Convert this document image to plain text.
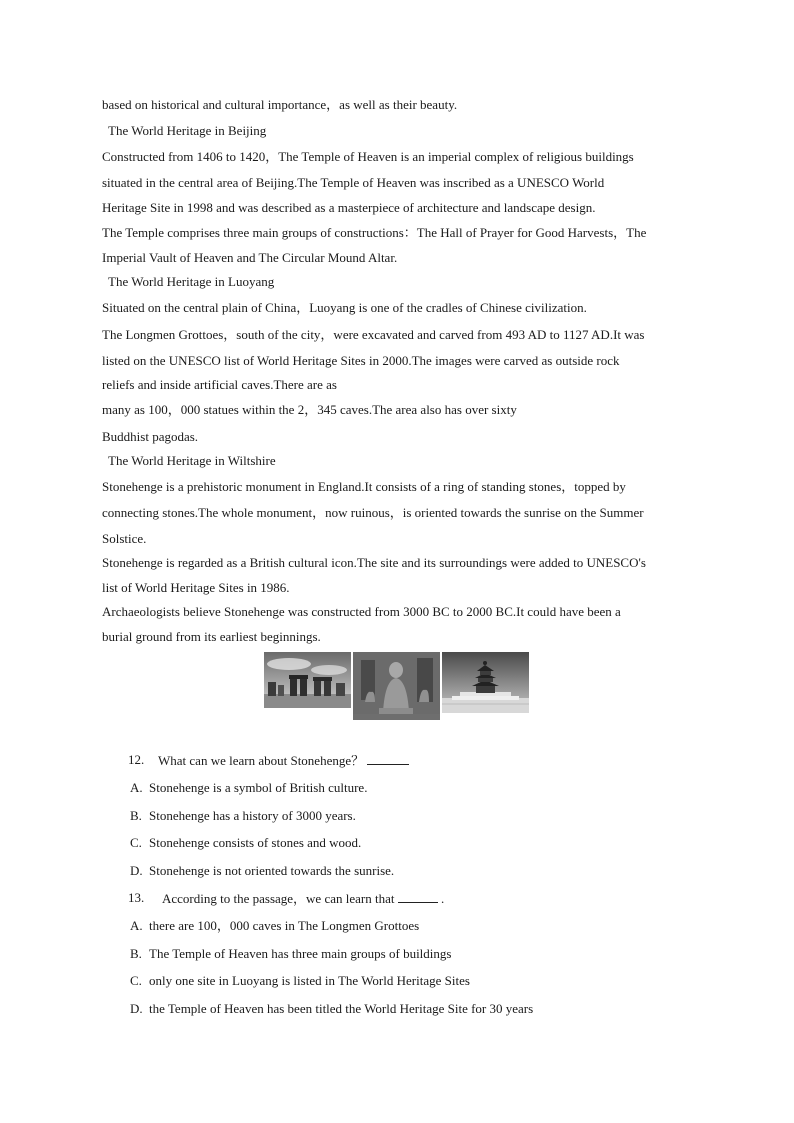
based on historical and cultural importance，as well as their beauty.
The World Heritage in Beijing
Constructed from 1406 to 1420，The Temple of Heaven is an imperial complex of religious buildings
situated in the central area of Beijing.The Temple of Heaven was inscribed as a UNESCO World
Heritage Site in 1998 and was described as a masterpiece of architecture and landscape design.
The Temple comprises three main groups of constructions：The Hall of Prayer for Good Harvests，The
Imperial Vault of Heaven and The Circular Mound Altar.
The World Heritage in Luoyang
Situated on the central plain of China，Luoyang is one of the cradles of Chinese civilization.
The Longmen Grottoes，south of the city，were excavated and carved from 493 AD to 1127 AD.It was
listed on the UNESCO list of World Heritage Sites in 2000.The images were carved as outside rock
reliefs and inside artificial caves.There are as
many as 100，000 statues within the 2，345 caves.The area also has over sixty
Buddhist pagodas.
The World Heritage in Wiltshire
Stonehenge is a prehistoric monument in England.It consists of a ring of standing stones，topped by
connecting stones.The whole monument，now ruinous，is oriented towards the sunrise on the Summer
Solstice.
Stonehenge is regarded as a British cultural icon.The site and its surroundings were added to UNESCO's
list of World Heritage Sites in 1986.
Archaeologists believe Stonehenge was constructed from 3000 BC to 2000 BC.It could have been a
burial ground from its earliest beginnings.
12. What can we learn about Stonehenge？
A. Stonehenge is a symbol of British culture.
B. Stonehenge has a history of 3000 years.
C. Stonehenge consists of stones and wood.
D. Stonehenge is not oriented towards the sunrise.
13. According to the passage，we can learn that	.
A. there are 100，000 caves in The Longmen Grottoes
B. The Temple of Heaven has three main groups of buildings
C. only one site in Luoyang is listed in The World Heritage Sites
D. the Temple of Heaven has been titled the World Heritage Site for 30 years
